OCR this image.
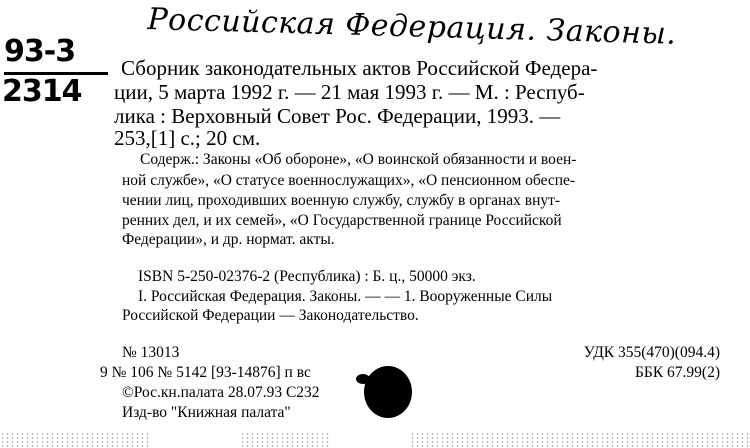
Российская Федерация. Законы.
93-3
2314
Сборник законодательных актов Российской Федера-
ции, 5 марта 1992 г. — 21 мая 1993 г. — М. : Респуб-
лика : Верховный Совет Рос. Федерации, 1993. —
253,[1] с.; 20 см.
Содерж.: Законы «Об обороне», «О воинской обязанности и воен-
ной службе», «О статусе военнослужащих», «О пенсионном обеспе-
чении лиц, проходивших военную службу, службу в органах внут-
ренних дел, и их семей», «О Государственной границе Российской
Федерации», и др. нормат. акты.
ISBN 5-250-02376-2 (Республика) : Б. ц., 50000 экз.
I. Российская Федерация. Законы. — — 1. Вооруженные Силы
Российской Федерации — Законодательство.
№ 13013
9 № 106 № 5142 [93-14876] п вс
©Рос.кн.палата 28.07.93 С232
Изд-во "Книжная палата"
УДК 355(470)(094.4)
ББК 67.99(2)
